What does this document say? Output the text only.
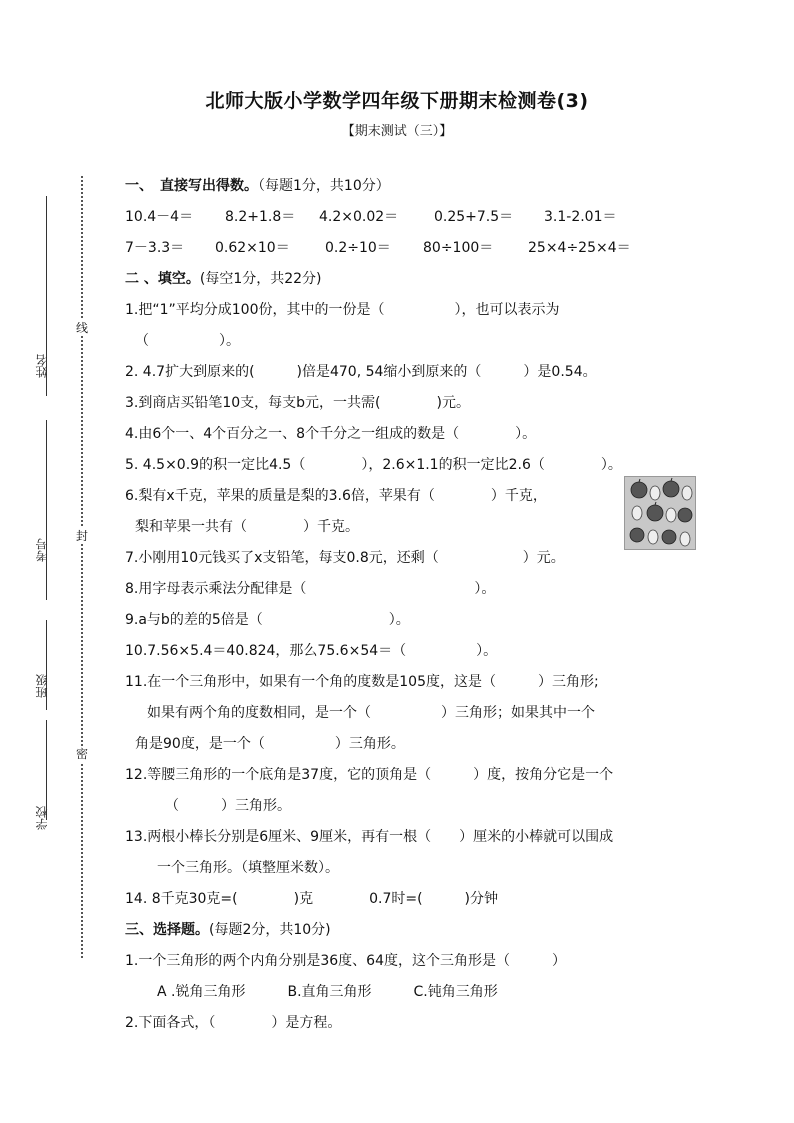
北师大版小学数学四年级下册期末检测卷(3)
【期末测试（三）】
姓名
考号
班级
学校
线
封
密
一、　直接写出得数。（每题1分，共10分）
10.4－4＝	8.2+1.8＝	4.2×0.02＝	0.25+7.5＝	3.1-2.01＝
7－3.3＝	0.62×10＝	0.2÷10＝	80÷100＝	25×4÷25×4＝
二 、填空。(每空1分，共22分)
1.把“1”平均分成100份，其中的一份是（　　　　　），也可以表示为
（　　　　　）。
2. 4.7扩大到原来的(　　　)倍是470, 54缩小到原来的（　　　）是0.54。
3.到商店买铅笔10支，每支b元，一共需(　　　　)元。
4.由6个一、4个百分之一、8个千分之一组成的数是（　　　　）。
5. 4.5×0.9的积一定比4.5（　　　　），2.6×1.1的积一定比2.6（　　　　）。
6.梨有x千克，苹果的质量是梨的3.6倍，苹果有（　　　　）千克，
梨和苹果一共有（　　　　）千克。
7.小刚用10元钱买了x支铅笔，每支0.8元，还剩（　　　　　　）元。
8.用字母表示乘法分配律是（　　　　　　　　　　　　）。
9.a与b的差的5倍是（　　　　　　　　　）。
10.7.56×5.4＝40.824，那么75.6×54＝（　　　　　）。
11.在一个三角形中，如果有一个角的度数是105度，这是（　　　）三角形;
如果有两个角的度数相同，是一个（　　　　　）三角形；如果其中一个
角是90度，是一个（　　　　　）三角形。
12.等腰三角形的一个底角是37度，它的顶角是（　　　）度，按角分它是一个
（　　　）三角形。
13.两根小棒长分别是6厘米、9厘米，再有一根（　　）厘米的小棒就可以围成
一个三角形。（填整厘米数）。
14. 8千克30克=(　　　　)克　　　　0.7时=(　　　)分钟
三、选择题。(每题2分，共10分)
1.一个三角形的两个内角分别是36度、64度，这个三角形是（　　　）
A .锐角三角形　　　B.直角三角形　　　C.钝角三角形
2.下面各式，（　　　　）是方程。
